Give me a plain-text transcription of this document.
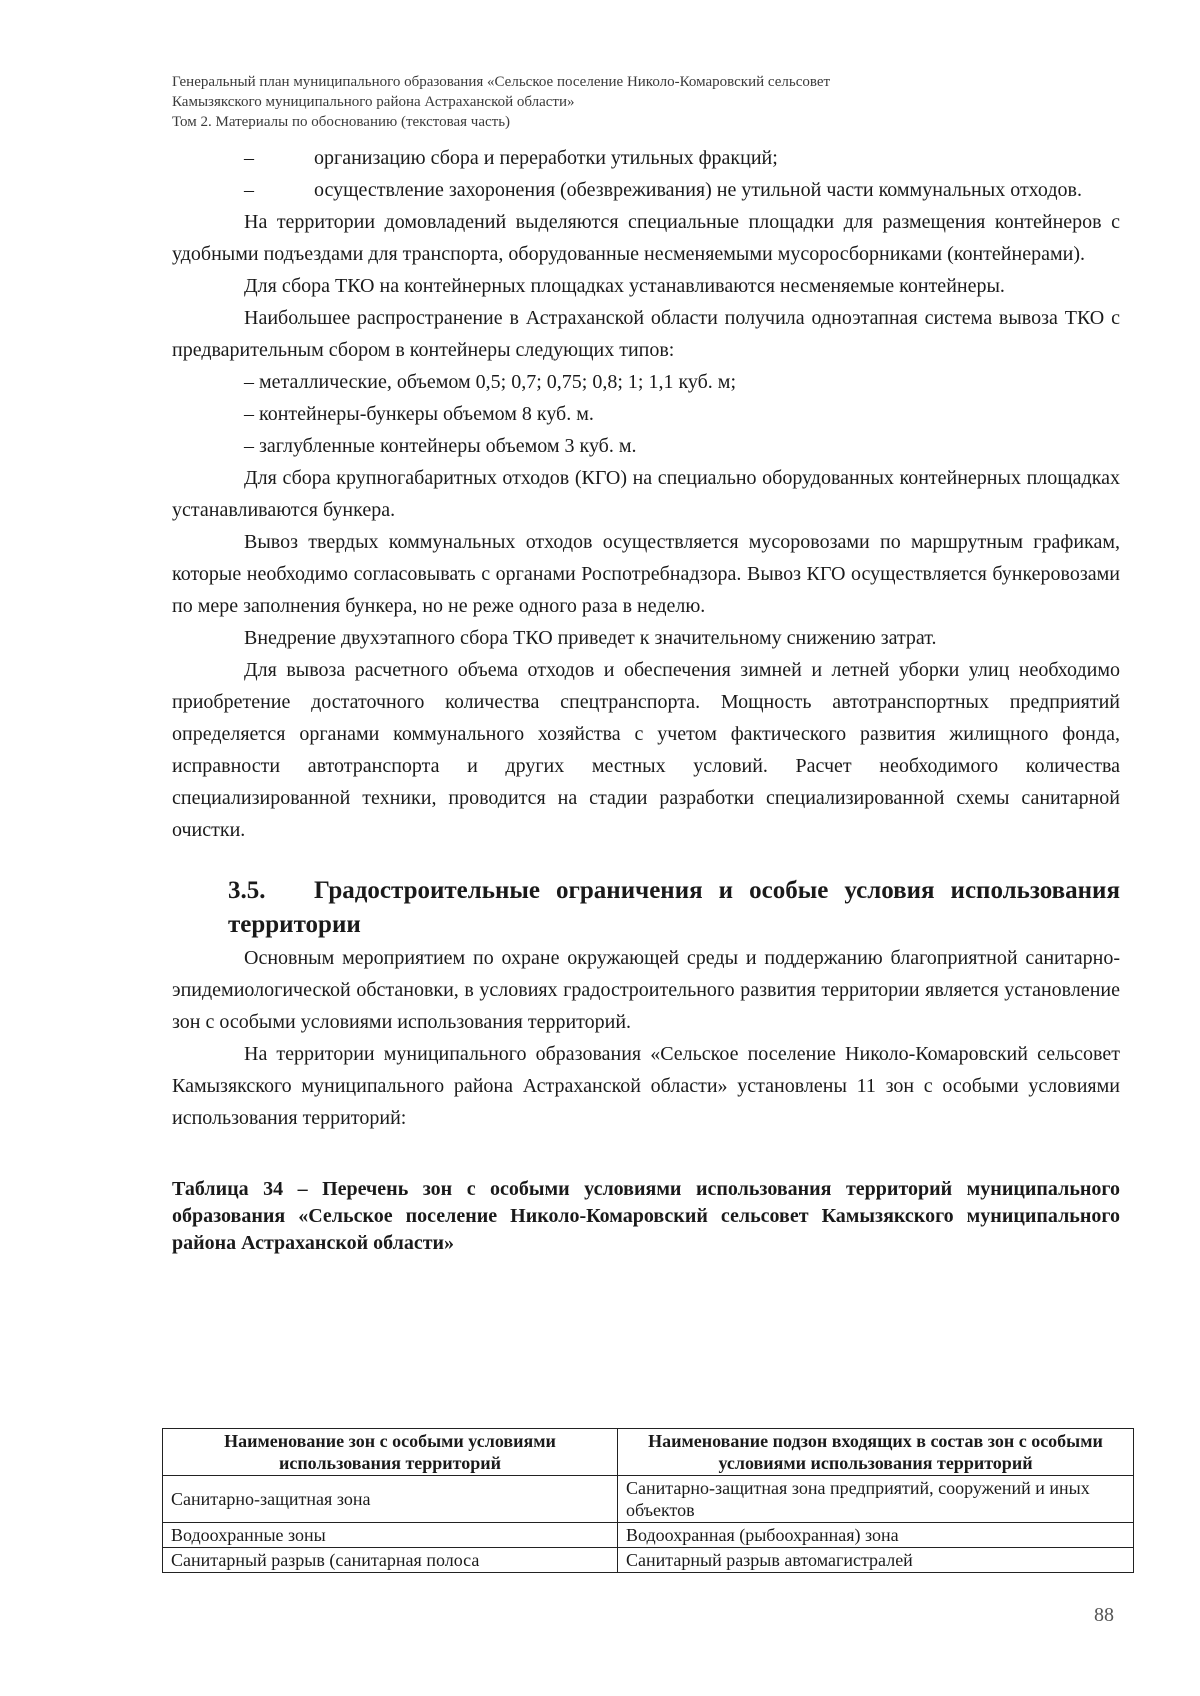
Генеральный план муниципального образования «Сельское поселение Николо-Комаровский сельсовет
Камызякского муниципального района Астраханской области»
Том 2. Материалы по обоснованию (текстовая часть)

–	организацию сбора и переработки утильных фракций;

–	осуществление захоронения (обезвреживания) не утильной части коммунальных отходов.

На территории домовладений выделяются специальные площадки для размещения контейнеров с удобными подъездами для транспорта, оборудованные несменяемыми мусоросборниками (контейнерами).

Для сбора ТКО на контейнерных площадках устанавливаются несменяемые контейнеры.

Наибольшее распространение в Астраханской области получила одноэтапная система вывоза ТКО с предварительным сбором в контейнеры следующих типов:

– металлические, объемом 0,5; 0,7; 0,75; 0,8; 1; 1,1 куб. м;

– контейнеры-бункеры объемом 8 куб. м.

– заглубленные контейнеры объемом 3 куб. м.

Для сбора крупногабаритных отходов (КГО) на специально оборудованных контейнерных площадках устанавливаются бункера.

Вывоз твердых коммунальных отходов осуществляется мусоровозами по маршрутным графикам, которые необходимо согласовывать с органами Роспотребнадзора. Вывоз КГО осуществляется бункеровозами по мере заполнения бункера, но не реже одного раза в неделю.

Внедрение двухэтапного сбора ТКО приведет к значительному снижению затрат.

Для вывоза расчетного объема отходов и обеспечения зимней и летней уборки улиц необходимо приобретение достаточного количества спецтранспорта. Мощность автотранспортных предприятий определяется органами коммунального хозяйства с учетом фактического развития жилищного фонда, исправности автотранспорта и других местных условий. Расчет необходимого количества специализированной техники, проводится на стадии разработки специализированной схемы санитарной очистки.

3.5. Градостроительные ограничения и особые условия использования территории

Основным мероприятием по охране окружающей среды и поддержанию благоприятной санитарно-эпидемиологической обстановки, в условиях градостроительного развития территории является установление зон с особыми условиями использования территорий.

На территории муниципального образования «Сельское поселение Николо-Комаровский сельсовет Камызякского муниципального района Астраханской области» установлены 11 зон с особыми условиями использования территорий:

Таблица 34 – Перечень зон с особыми условиями использования территорий муниципального образования «Сельское поселение Николо-Комаровский сельсовет Камызякского муниципального района Астраханской области»

Наименование зон с особыми условиями использования территорий	Наименование подзон входящих в состав зон с особыми условиями использования территорий
Санитарно-защитная зона	Санитарно-защитная зона предприятий, сооружений и иных объектов
Водоохранные зоны	Водоохранная (рыбоохранная) зона
Санитарный разрыв (санитарная полоса	Санитарный разрыв автомагистралей
88
